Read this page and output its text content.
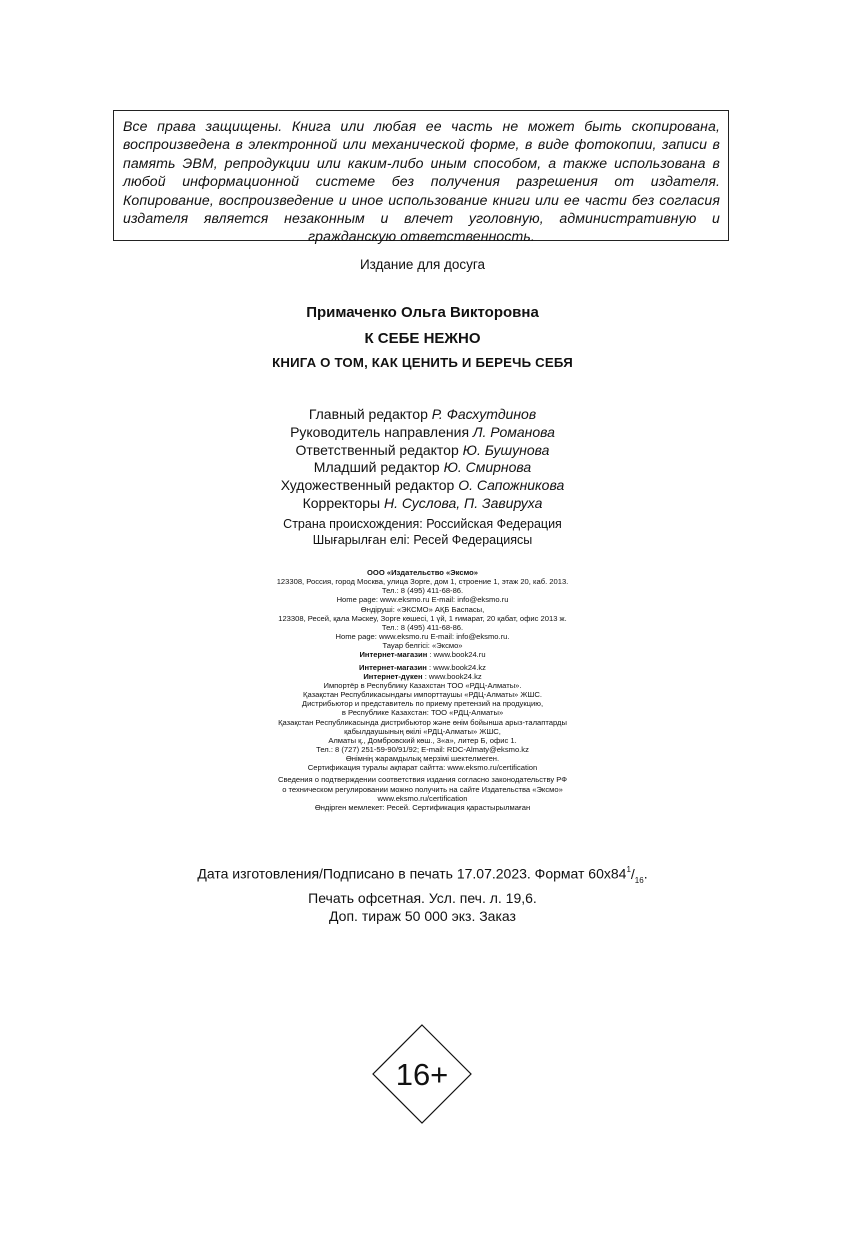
Все права защищены. Книга или любая ее часть не может быть скопирована, воспроизведена в электронной или механической форме, в виде фотокопии, записи в память ЭВМ, репродукции или каким-либо иным способом, а также использована в любой информационной системе без получения разрешения от издателя. Копирование, воспроизведение и иное использование книги или ее части без согласия издателя является незаконным и влечет уголовную, административную и гражданскую ответственность.
Издание для досуга
Примаченко Ольга Викторовна
К СЕБЕ НЕЖНО
КНИГА О ТОМ, КАК ЦЕНИТЬ И БЕРЕЧЬ СЕБЯ
Главный редактор Р. Фасхутдинов
Руководитель направления Л. Романова
Ответственный редактор Ю. Бушунова
Младший редактор Ю. Смирнова
Художественный редактор О. Сапожникова
Корректоры Н. Суслова, П. Завируха
Страна происхождения: Российская Федерация
Шығарылған елі: Ресей Федерациясы
ООО «Издательство «Эксмо»
123308, Россия, город Москва, улица Зорге, дом 1, строение 1, этаж 20, каб. 2013.
Тел.: 8 (495) 411-68-86.
Home page: www.eksmo.ru E-mail: info@eksmo.ru
Өндіруші: «ЭКСМО» АҚБ Баспасы,
123308, Ресей, қала Мәскеу, Зорге көшесі, 1 үй, 1 ғимарат, 20 қабат, офис 2013 ж.
Тел.: 8 (495) 411-68-86.
Home page: www.eksmo.ru E-mail: info@eksmo.ru.
Тауар белгісі: «Эксмо»
Интернет-магазин : www.book24.ru
Интернет-магазин : www.book24.kz
Интернет-дүкен : www.book24.kz
Импортёр в Республику Казахстан ТОО «РДЦ-Алматы».
Қазақстан Республикасындағы импорттаушы «РДЦ-Алматы» ЖШС.
Дистрибьютор и представитель по приему претензий на продукцию,
в Республике Казахстан: ТОО «РДЦ-Алматы»
Қазақстан Республикасында дистрибьютор және өнім бойынша арыз-талаптарды
қабылдаушының өкілі «РДЦ-Алматы» ЖШС,
Алматы қ., Домбровский көш., 3«а», литер Б, офис 1.
Тел.: 8 (727) 251-59-90/91/92; E-mail: RDC-Almaty@eksmo.kz
Өнімнің жарамдылық мерзімі шектелмеген.
Сертификация туралы ақпарат сайтта: www.eksmo.ru/certification
Сведения о подтверждении соответствия издания согласно законодательству РФ
о техническом регулировании можно получить на сайте Издательства «Эксмо»
www.eksmo.ru/certification
Өндірген мемлекет: Ресей. Сертификация қарастырылмаған
Дата изготовления/Подписано в печать 17.07.2023. Формат $60x84^1/_{16}$.
Печать офсетная. Усл. печ. л. 19,6.
Доп. тираж 50 000 экз. Заказ
16+
